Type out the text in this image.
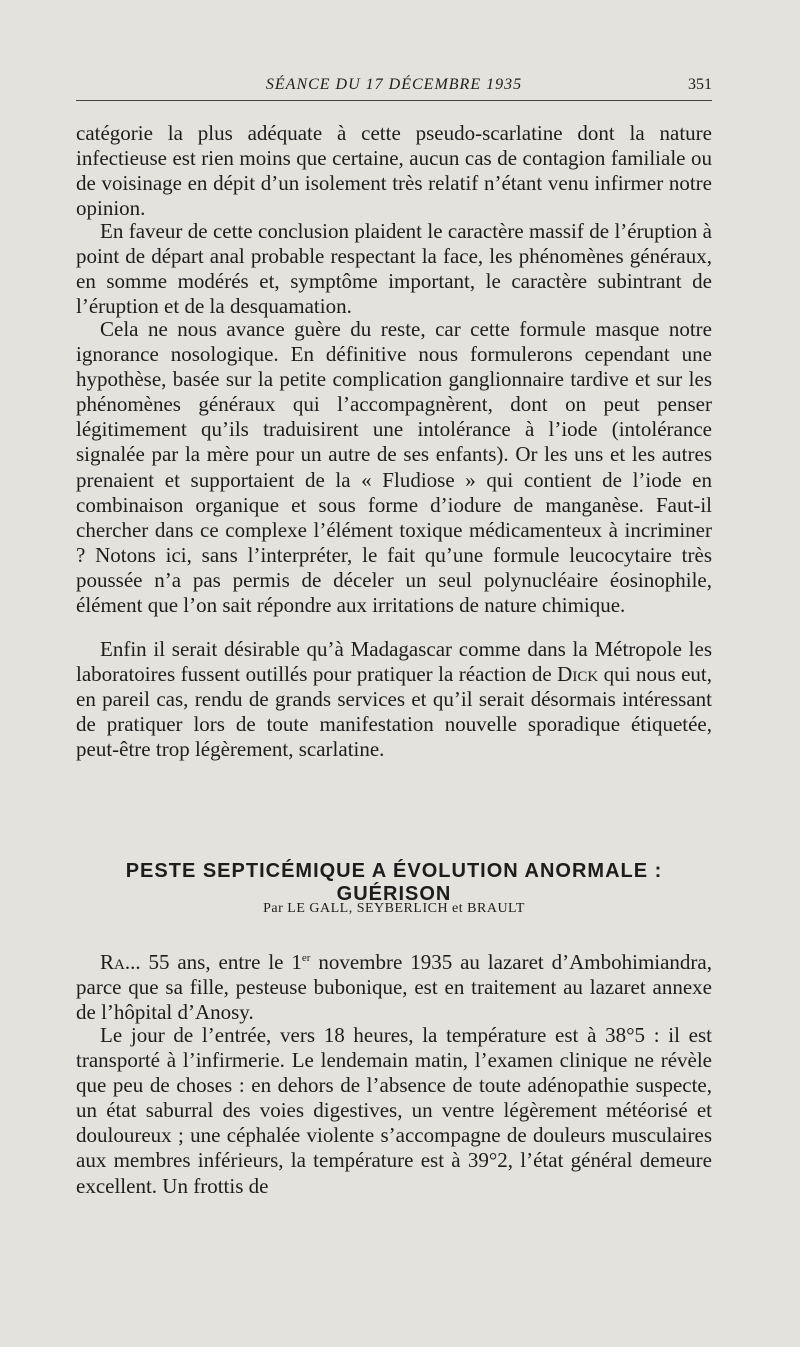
SÉANCE DU 17 DÉCEMBRE 1935	351

catégorie la plus adéquate à cette pseudo-scarlatine dont la nature infectieuse est rien moins que certaine, aucun cas de contagion familiale ou de voisinage en dépit d’un isolement très relatif n’étant venu infirmer notre opinion.

En faveur de cette conclusion plaident le caractère massif de l’éruption à point de départ anal probable respectant la face, les phénomènes généraux, en somme modérés et, symptôme important, le caractère subintrant de l’éruption et de la desquamation.

Cela ne nous avance guère du reste, car cette formule masque notre ignorance nosologique. En définitive nous formulerons cependant une hypothèse, basée sur la petite complication ganglionnaire tardive et sur les phénomènes généraux qui l’accompagnèrent, dont on peut penser légitimement qu’ils traduisirent une intolérance à l’iode (intolérance signalée par la mère pour un autre de ses enfants). Or les uns et les autres prenaient et supportaient de la « Fludiose » qui contient de l’iode en combinaison organique et sous forme d’iodure de manganèse. Faut-il chercher dans ce complexe l’élément toxique médicamenteux à incriminer ? Notons ici, sans l’interpréter, le fait qu’une formule leucocytaire très poussée n’a pas permis de déceler un seul polynucléaire éosinophile, élément que l’on sait répondre aux irritations de nature chimique.

Enfin il serait désirable qu’à Madagascar comme dans la Métropole les laboratoires fussent outillés pour pratiquer la réaction de Dick qui nous eut, en pareil cas, rendu de grands services et qu’il serait désormais intéressant de pratiquer lors de toute manifestation nouvelle sporadique étiquetée, peut-être trop légèrement, scarlatine.

PESTE SEPTICÉMIQUE A ÉVOLUTION ANORMALE : GUÉRISON
Par LE GALL, SEYBERLICH et BRAULT

Ra... 55 ans, entre le 1er novembre 1935 au lazaret d’Ambohimiandra, parce que sa fille, pesteuse bubonique, est en traitement au lazaret annexe de l’hôpital d’Anosy.

Le jour de l’entrée, vers 18 heures, la température est à 38°5 : il est transporté à l’infirmerie. Le lendemain matin, l’examen clinique ne révèle que peu de choses : en dehors de l’absence de toute adénopathie suspecte, un état saburral des voies digestives, un ventre légèrement météorisé et douloureux ; une céphalée violente s’accompagne de douleurs musculaires aux membres inférieurs, la température est à 39°2, l’état général demeure excellent. Un frottis de
